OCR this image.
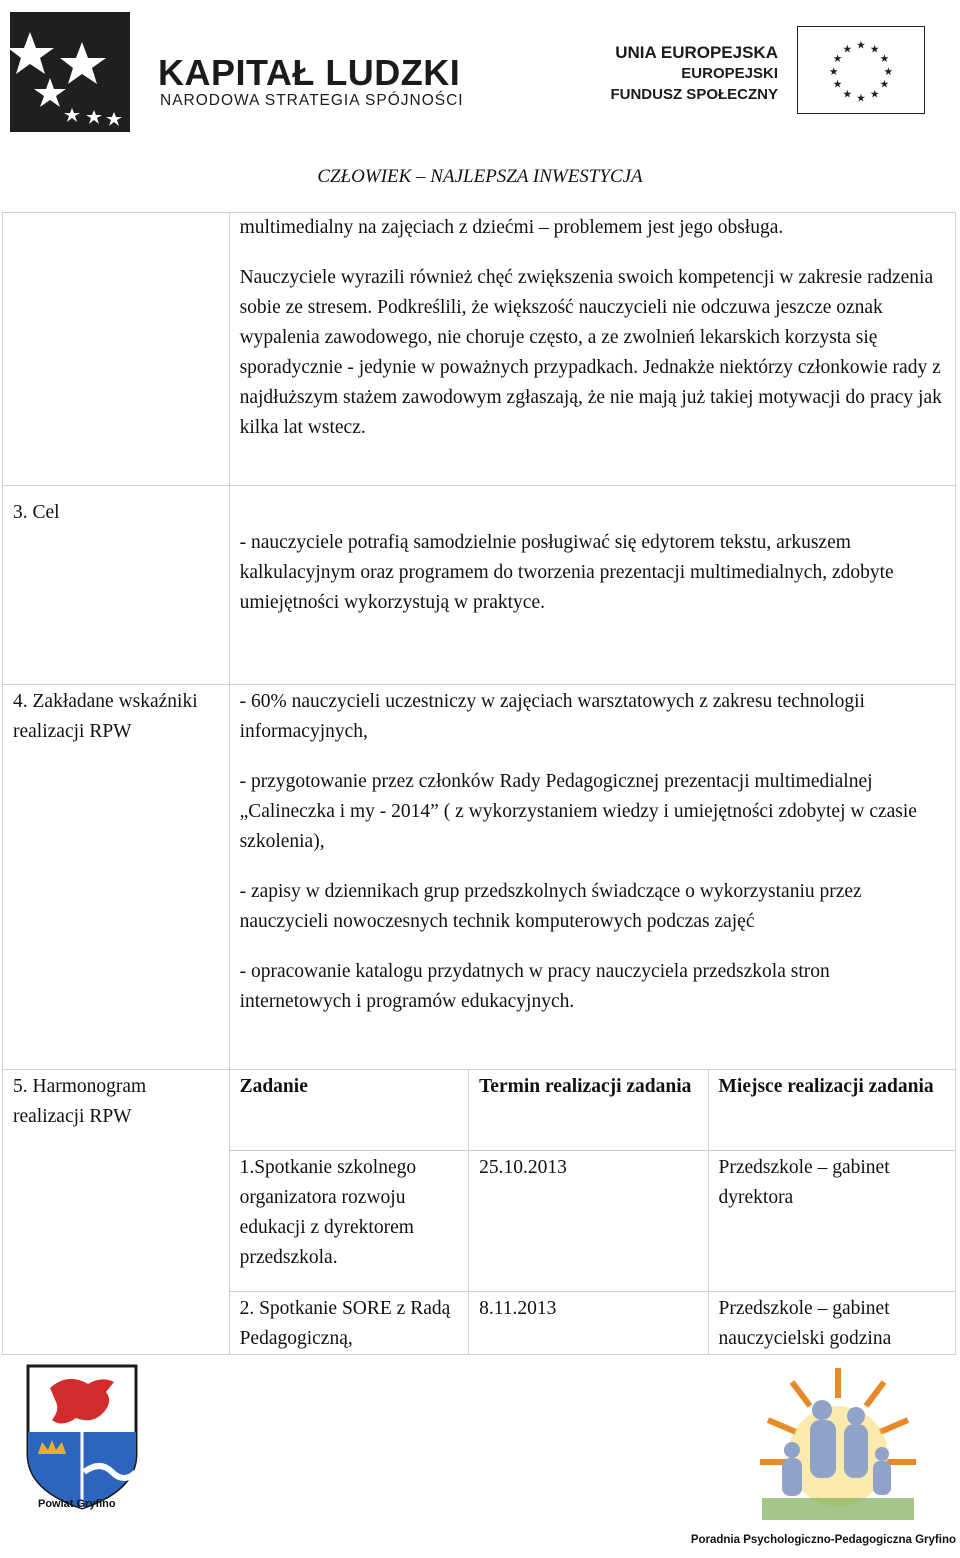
KAPITAŁ LUDZKI
NARODOWA STRATEGIA SPÓJNOŚCI
UNIA EUROPEJSKA
EUROPEJSKI
FUNDUSZ SPOŁECZNY
★ ★
★
★
★
★
★
★
★
★
★
★
CZŁOWIEK – NAJLEPSZA INWESTYCJA

	multimedialny na zajęciach z dziećmi – problemem jest jego obsługa.

Nauczyciele wyrazili również chęć zwiększenia swoich kompetencji w zakresie radzenia sobie ze stresem. Podkreślili, że większość nauczycieli nie odczuwa jeszcze oznak wypalenia zawodowego, nie choruje często, a ze zwolnień lekarskich korzysta się sporadycznie - jedynie w poważnych przypadkach. Jednakże niektórzy członkowie rady z najdłuższym stażem zawodowym zgłaszają, że nie mają już takiej motywacji do pracy jak kilka lat wstecz.		

3. Cel	- nauczyciele potrafią samodzielnie posługiwać się edytorem tekstu, arkuszem kalkulacyjnym oraz programem do tworzenia prezentacji multimedialnych, zdobyte umiejętności wykorzystują w praktyce.		

4. Zakładane wskaźniki realizacji RPW	- 60% nauczycieli uczestniczy w zajęciach warsztatowych z zakresu technologii informacyjnych,

- przygotowanie przez członków Rady Pedagogicznej prezentacji multimedialnej „Calineczka i my - 2014” ( z wykorzystaniem wiedzy i umiejętności zdobytej w czasie szkolenia),

- zapisy w dziennikach grup przedszkolnych świadczące o wykorzystaniu przez nauczycieli nowoczesnych technik komputerowych podczas zajęć

- opracowanie katalogu przydatnych w pracy nauczyciela przedszkola stron internetowych i programów edukacyjnych.		

5. Harmonogram realizacji RPW	Zadanie	Termin realizacji zadania	Miejsce realizacji zadania
	1.Spotkanie szkolnego organizatora rozwoju edukacji z dyrektorem przedszkola.	25.10.2013	Przedszkole – gabinet dyrektora
	2. Spotkanie SORE z Radą Pedagogiczną,	8.11.2013	Przedszkole – gabinet nauczycielski godzina
Powiat Gryfino
Poradnia Psychologiczno-Pedagogiczna Gryfino
